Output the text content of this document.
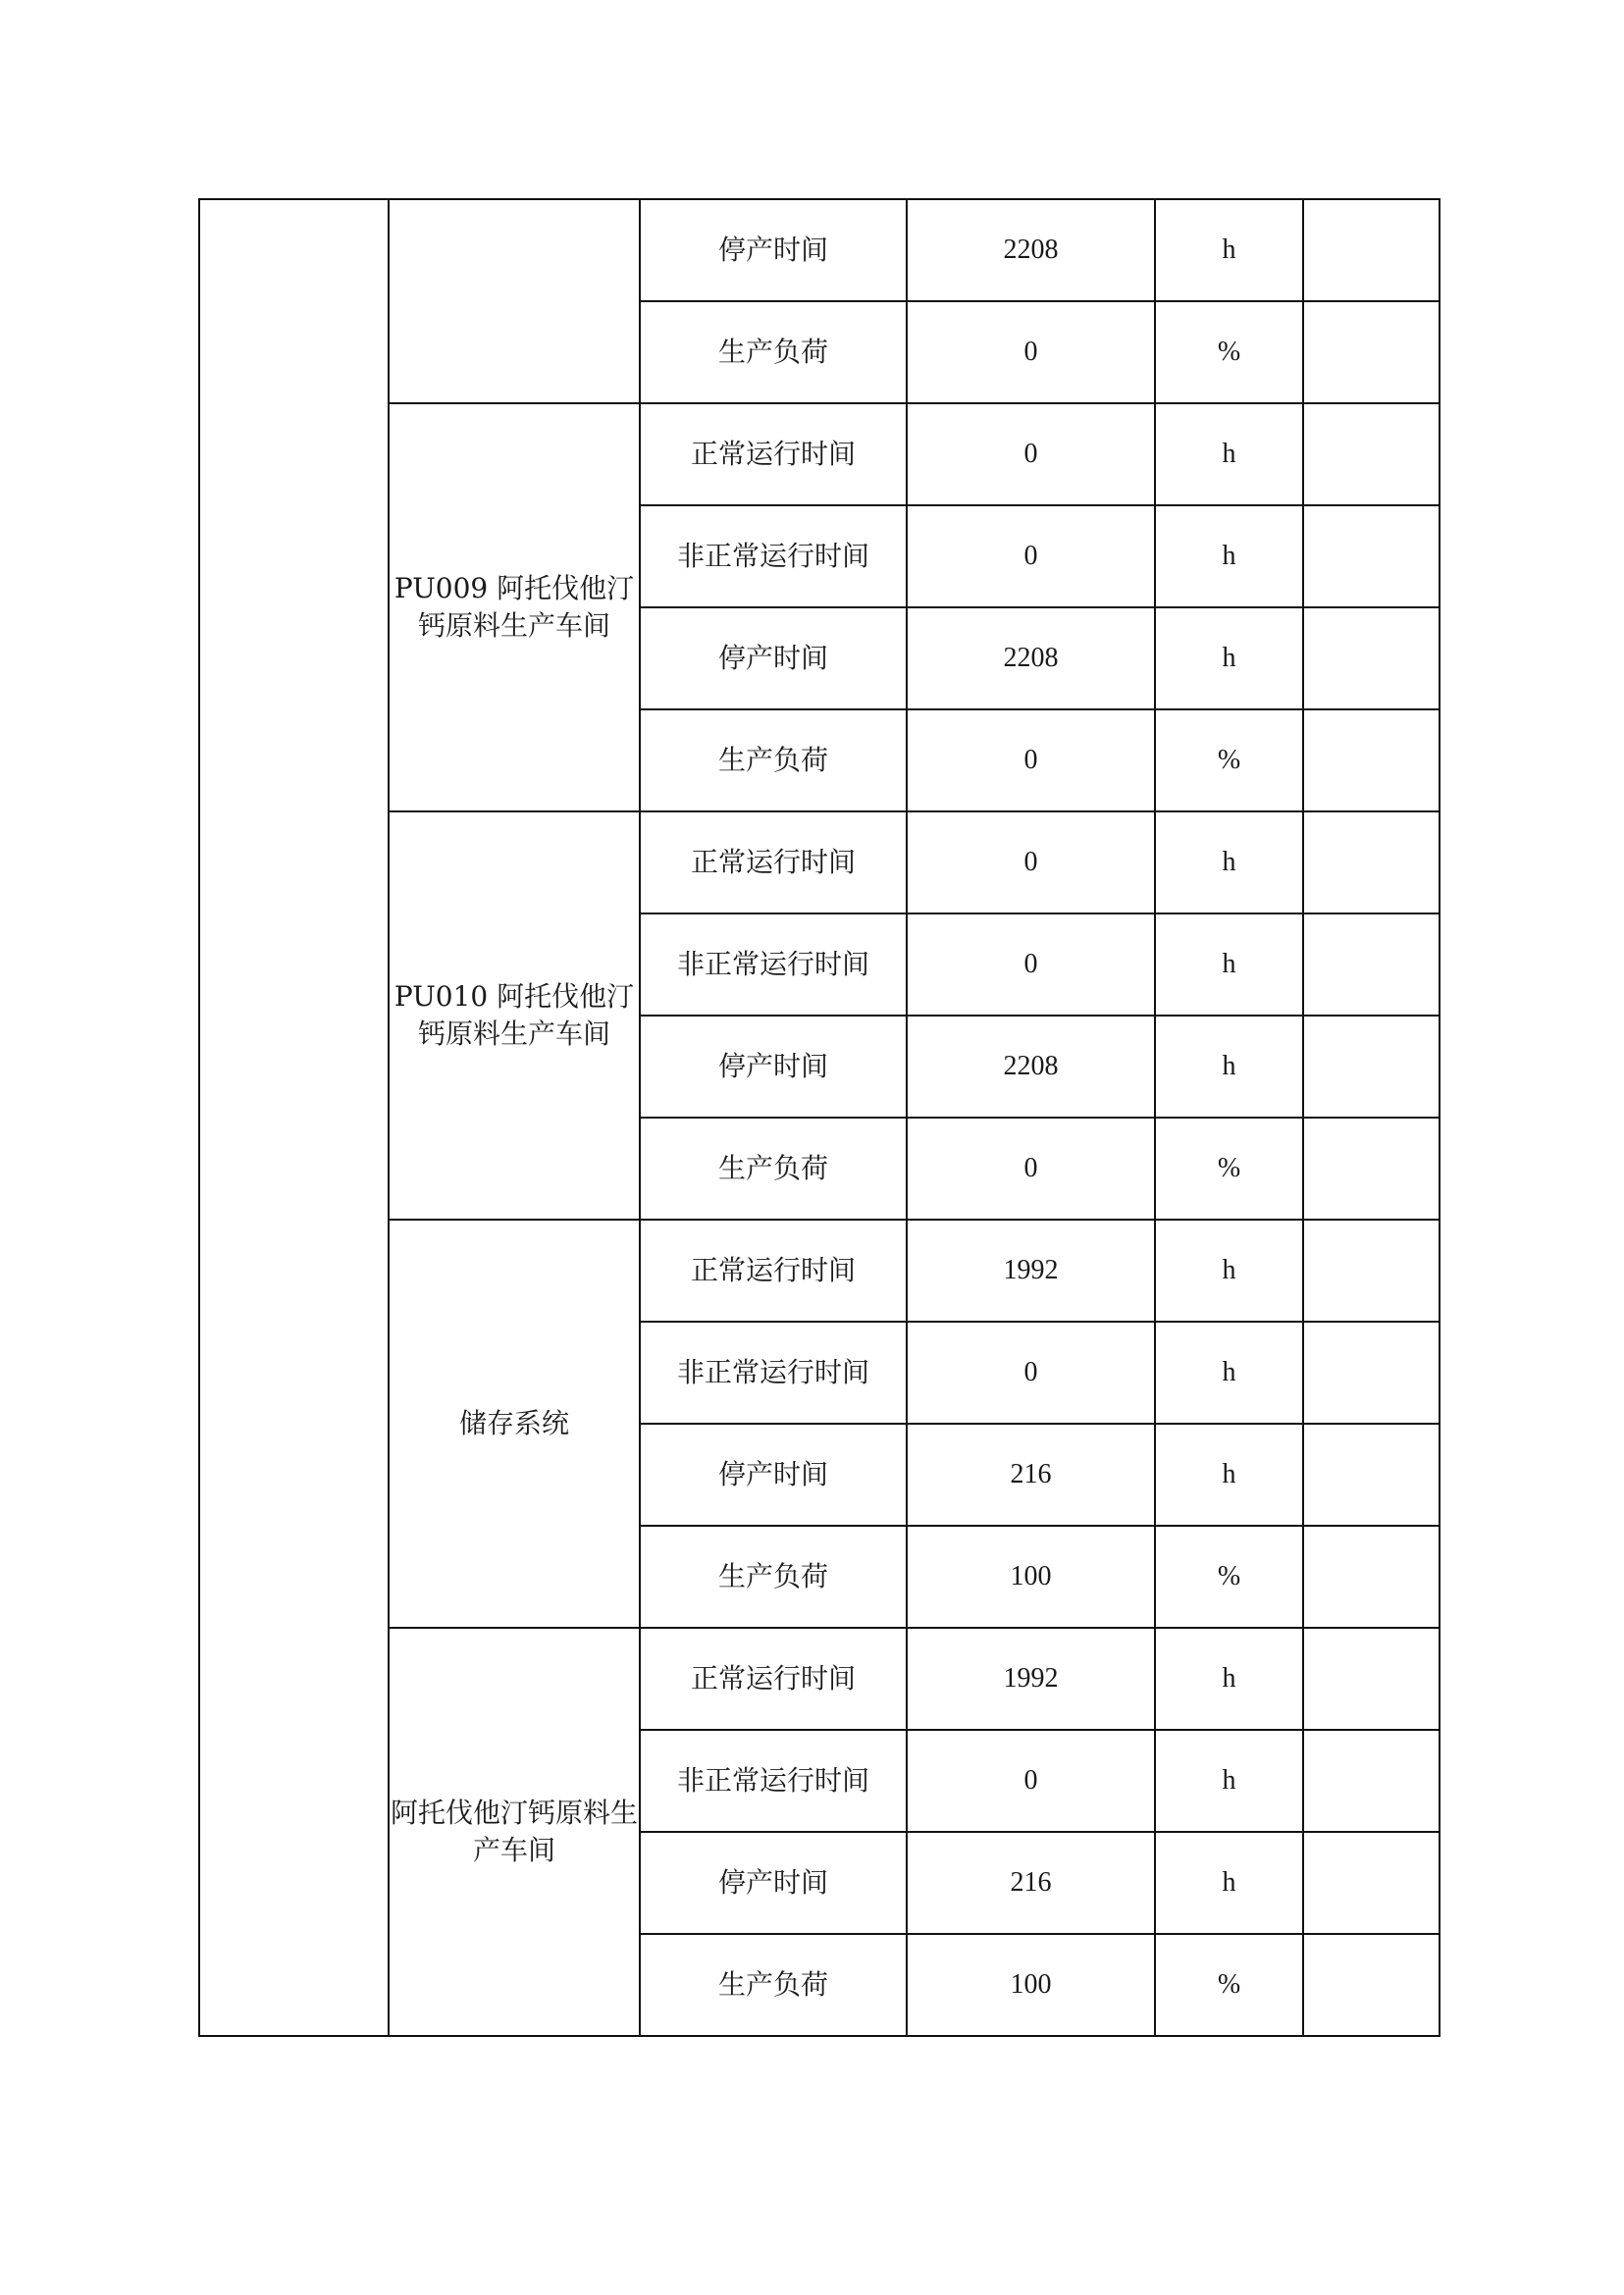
		停产时间	2208	h	
		生产负荷	0	%	
	PU009 阿托伐他汀钙原料生产车间	正常运行时间	0	h	
		非正常运行时间	0	h	
		停产时间	2208	h	
		生产负荷	0	%	
	PU010 阿托伐他汀钙原料生产车间	正常运行时间	0	h	
		非正常运行时间	0	h	
		停产时间	2208	h	
		生产负荷	0	%	
	储存系统	正常运行时间	1992	h	
		非正常运行时间	0	h	
		停产时间	216	h	
		生产负荷	100	%	
	阿托伐他汀钙原料生产车间	正常运行时间	1992	h	
		非正常运行时间	0	h	
		停产时间	216	h	
		生产负荷	100	%	
